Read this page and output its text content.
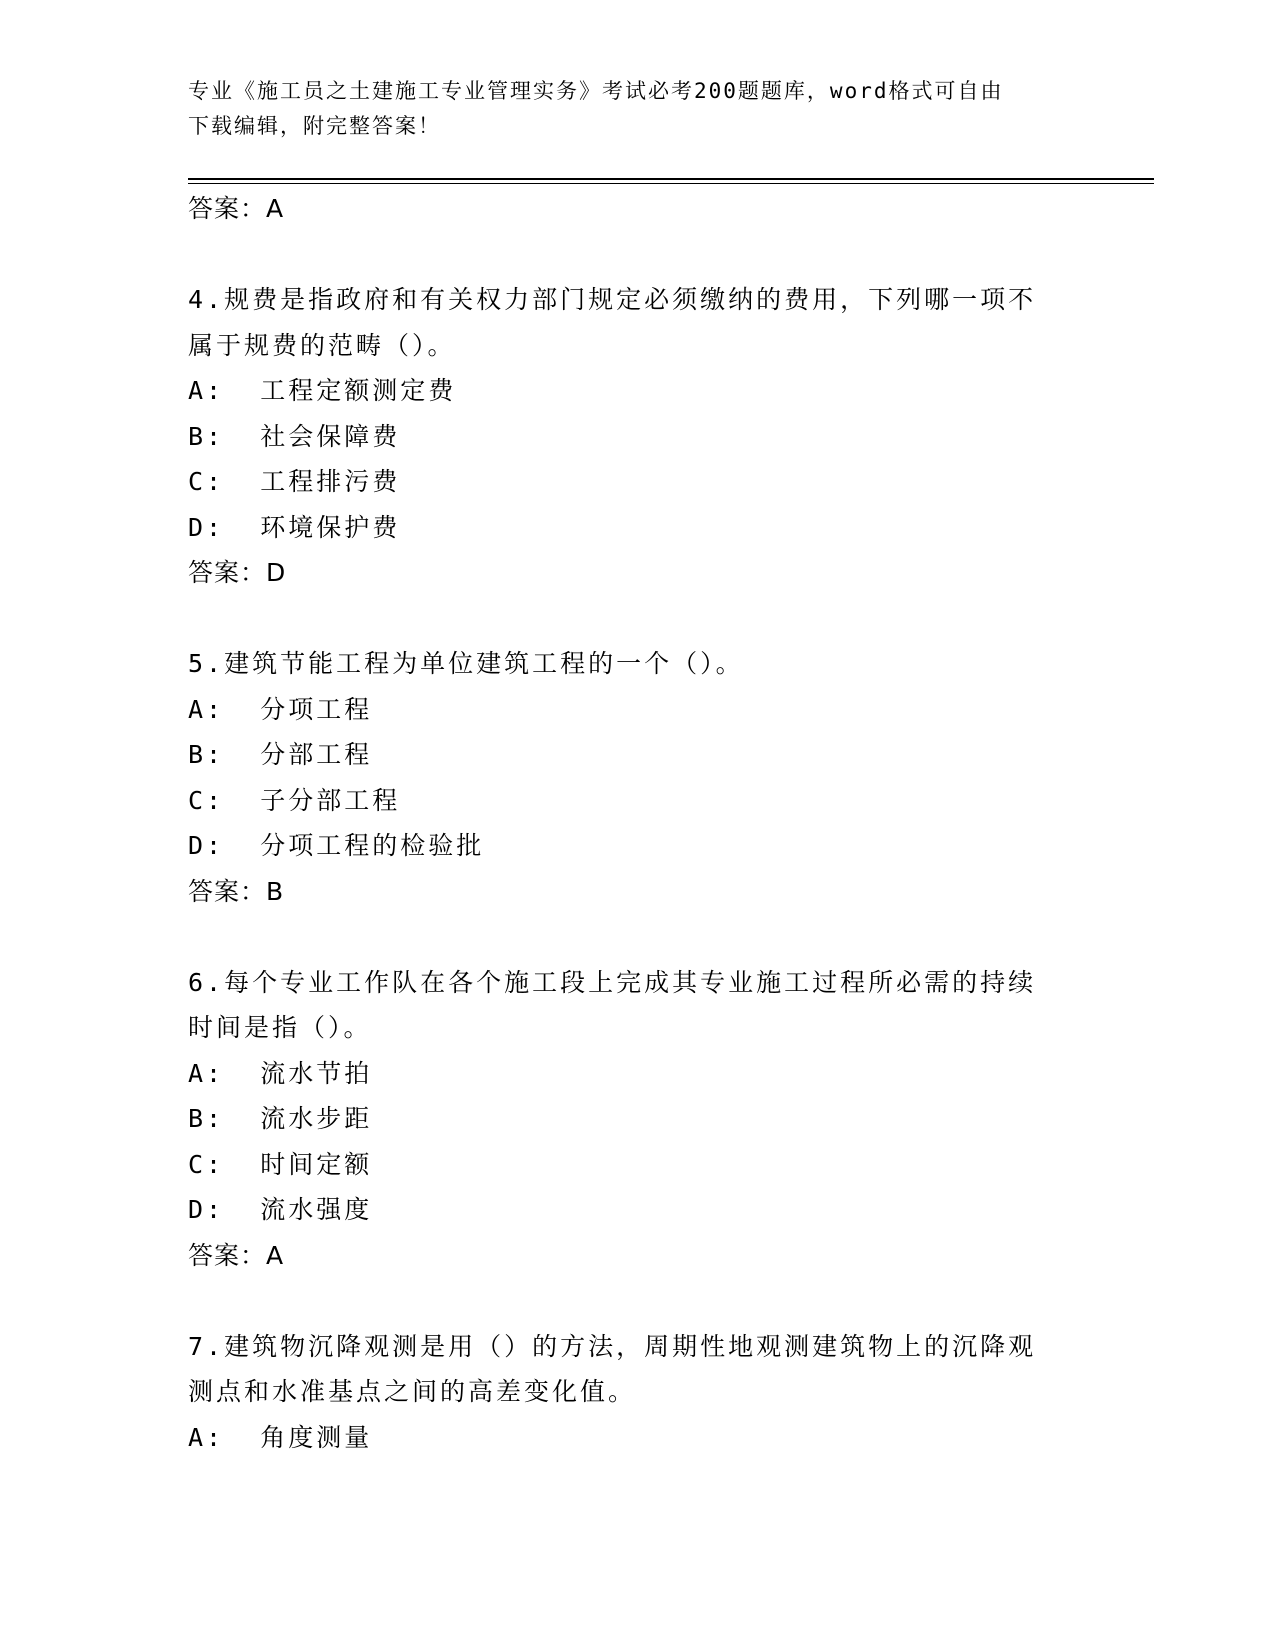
专业《施工员之土建施工专业管理实务》考试必考200题题库，word格式可自由
下载编辑，附完整答案！
答案：A
4.规费是指政府和有关权力部门规定必须缴纳的费用，下列哪一项不属于规费的范畴（）。
A:  工程定额测定费
B:  社会保障费
C:  工程排污费
D:  环境保护费
答案：D
5.建筑节能工程为单位建筑工程的一个（）。
A:  分项工程
B:  分部工程
C:  子分部工程
D:  分项工程的检验批
答案：B
6.每个专业工作队在各个施工段上完成其专业施工过程所必需的持续时间是指（）。
A:  流水节拍
B:  流水步距
C:  时间定额
D:  流水强度
答案：A
7.建筑物沉降观测是用（）的方法，周期性地观测建筑物上的沉降观测点和水准基点之间的高差变化值。
A:  角度测量
